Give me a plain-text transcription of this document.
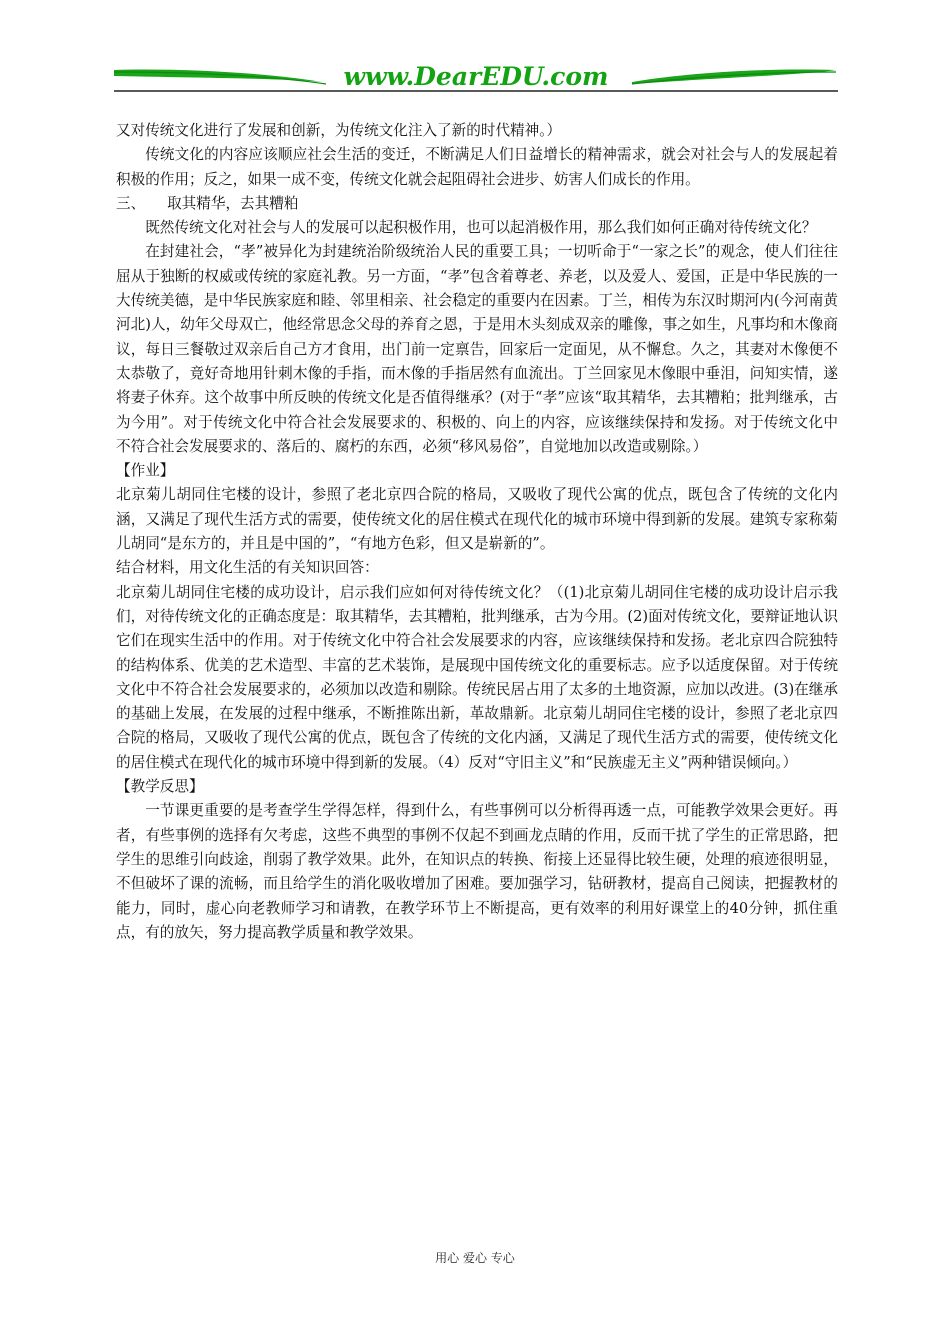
www.DearEDU.com

又对传统文化进行了发展和创新，为传统文化注入了新的时代精神。）

传统文化的内容应该顺应社会生活的变迁，不断满足人们日益增长的精神需求，就会对社会与人的发展起着积极的作用；反之，如果一成不变，传统文化就会起阻碍社会进步、妨害人们成长的作用。

三、　　取其精华，去其糟粕

既然传统文化对社会与人的发展可以起积极作用，也可以起消极作用，那么我们如何正确对待传统文化？

在封建社会，“孝”被异化为封建统治阶级统治人民的重要工具；一切听命于“一家之长”的观念，使人们往往屈从于独断的权威或传统的家庭礼教。另一方面，“孝”包含着尊老、养老，以及爱人、爱国，正是中华民族的一大传统美德，是中华民族家庭和睦、邻里相亲、社会稳定的重要内在因素。丁兰，相传为东汉时期河内(今河南黄河北)人，幼年父母双亡，他经常思念父母的养育之恩，于是用木头刻成双亲的雕像，事之如生，凡事均和木像商议，每日三餐敬过双亲后自己方才食用，出门前一定禀告，回家后一定面见，从不懈怠。久之，其妻对木像便不太恭敬了，竟好奇地用针刺木像的手指，而木像的手指居然有血流出。丁兰回家见木像眼中垂泪，问知实情，遂将妻子休弃。这个故事中所反映的传统文化是否值得继承？(对于“孝”应该“取其精华，去其糟粕；批判继承，古为今用”。对于传统文化中符合社会发展要求的、积极的、向上的内容，应该继续保持和发扬。对于传统文化中不符合社会发展要求的、落后的、腐朽的东西，必须“移风易俗”，自觉地加以改造或剔除。）

【作业】

北京菊儿胡同住宅楼的设计，参照了老北京四合院的格局，又吸收了现代公寓的优点，既包含了传统的文化内涵，又满足了现代生活方式的需要，使传统文化的居住模式在现代化的城市环境中得到新的发展。建筑专家称菊儿胡同“是东方的，并且是中国的”，“有地方色彩，但又是崭新的”。

结合材料，用文化生活的有关知识回答：

北京菊儿胡同住宅楼的成功设计，启示我们应如何对待传统文化？（(1)北京菊儿胡同住宅楼的成功设计启示我们，对待传统文化的正确态度是：取其精华，去其糟粕，批判继承，古为今用。(2)面对传统文化，要辩证地认识它们在现实生活中的作用。对于传统文化中符合社会发展要求的内容，应该继续保持和发扬。老北京四合院独特的结构体系、优美的艺术造型、丰富的艺术装饰，是展现中国传统文化的重要标志。应予以适度保留。对于传统文化中不符合社会发展要求的，必须加以改造和剔除。传统民居占用了太多的土地资源，应加以改进。(3)在继承的基础上发展，在发展的过程中继承，不断推陈出新，革故鼎新。北京菊儿胡同住宅楼的设计，参照了老北京四合院的格局，又吸收了现代公寓的优点，既包含了传统的文化内涵，又满足了现代生活方式的需要，使传统文化的居住模式在现代化的城市环境中得到新的发展。（4）反对“守旧主义”和“民族虚无主义”两种错误倾向。）

【教学反思】

一节课更重要的是考查学生学得怎样，得到什么，有些事例可以分析得再透一点，可能教学效果会更好。再者，有些事例的选择有欠考虑，这些不典型的事例不仅起不到画龙点睛的作用，反而干扰了学生的正常思路，把学生的思维引向歧途，削弱了教学效果。此外，在知识点的转换、衔接上还显得比较生硬，处理的痕迹很明显，不但破坏了课的流畅，而且给学生的消化吸收增加了困难。要加强学习，钻研教材，提高自己阅读，把握教材的能力，同时，虚心向老教师学习和请教，在教学环节上不断提高，更有效率的利用好课堂上的40分钟，抓住重点，有的放矢，努力提高教学质量和教学效果。

用心 爱心 专心
